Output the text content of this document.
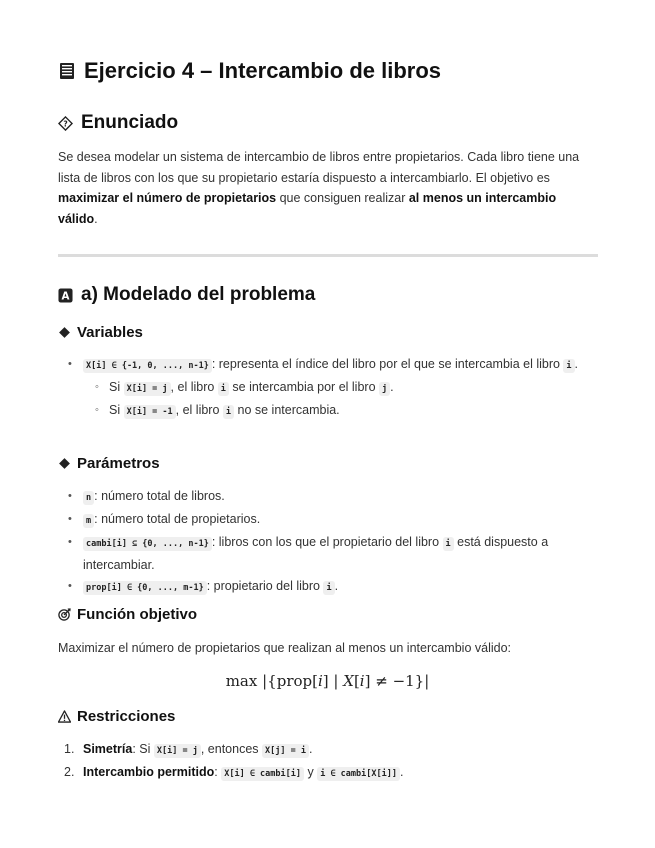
Ejercicio 4 – Intercambio de libros
? Enunciado

Se desea modelar un sistema de intercambio de libros entre propietarios. Cada libro tiene una lista de libros con los que su propietario estaría dispuesto a intercambiarlo. El objetivo es maximizar el número de propietarios que consiguen realizar al menos un intercambio válido.

A a) Modelado del problema
Variables
• X[i] ∈ {-1, 0, ..., n-1} : representa el índice del libro por el que se intercambia el libro i .
◦ Si X[i] = j , el libro i se intercambia por el libro j .
◦ Si X[i] = -1 , el libro i no se intercambia.
Parámetros
• n : número total de libros.
• m : número total de propietarios.
• cambi[i] ⊆ {0, ..., n-1} : libros con los que el propietario del libro i está dispuesto a intercambiar.
• prop[i] ∈ {0, ..., m-1} : propietario del libro i .
Función objetivo

Maximizar el número de propietarios que realizan al menos un intercambio válido:

max |{prop[i] | X[i] ≠ −1}|
Restricciones
1. Simetría: Si X[i] = j , entonces X[j] = i .
2. Intercambio permitido: X[i] ∈ cambi[i] y i ∈ cambi[X[i]] .
